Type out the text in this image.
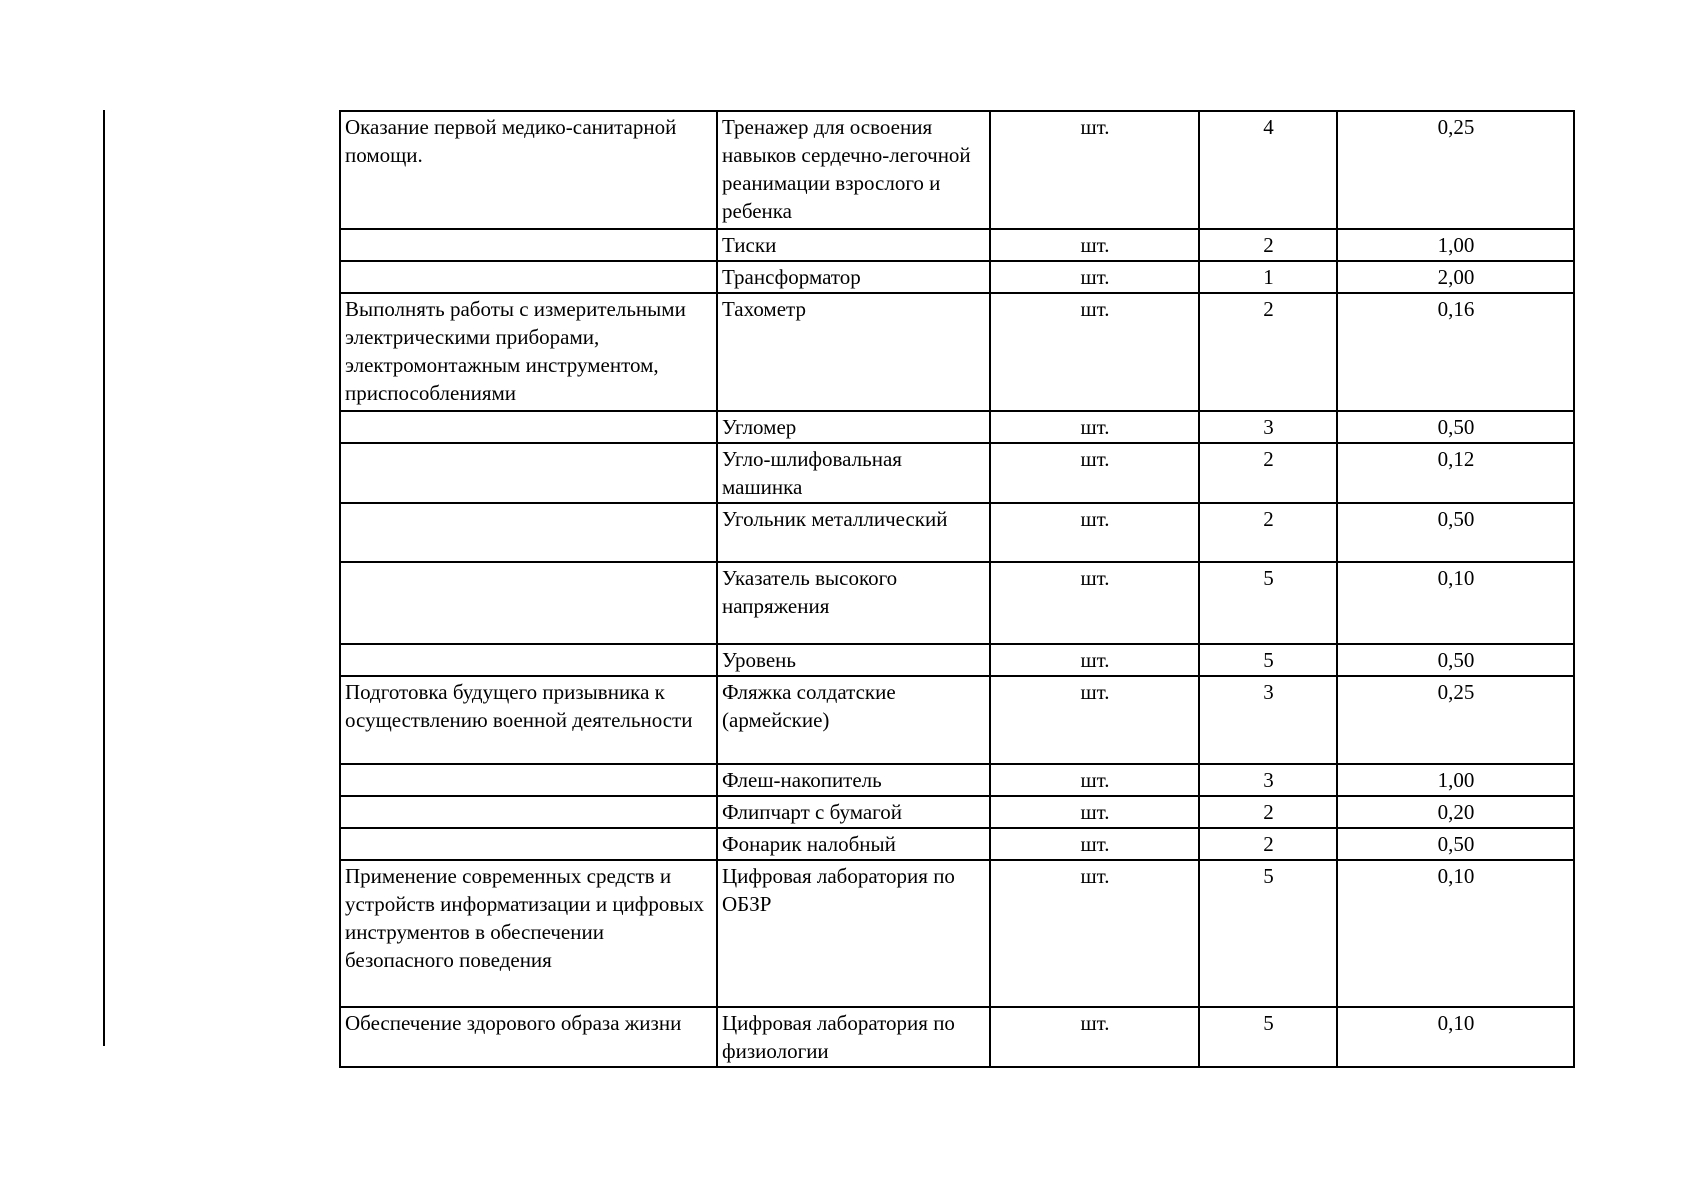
Оказание первой медико-санитарной помощи.	Тренажер для освоения навыков сердечно-легочной реанимации взрослого и ребенка	шт.	4	0,25
	Тиски	шт.	2	1,00
	Трансформатор	шт.	1	2,00
Выполнять работы с измерительными электрическими приборами, электромонтажным инструментом, приспособлениями	Тахометр	шт.	2	0,16
	Угломер	шт.	3	0,50
	Угло-шлифовальная машинка	шт.	2	0,12
	Угольник металлический	шт.	2	0,50
	Указатель высокого напряжения	шт.	5	0,10
	Уровень	шт.	5	0,50
Подготовка будущего призывника к осуществлению военной деятельности	Фляжка солдатские (армейские)	шт.	3	0,25
	Флеш-накопитель	шт.	3	1,00
	Флипчарт с бумагой	шт.	2	0,20
	Фонарик налобный	шт.	2	0,50
Применение современных средств и устройств информатизации и цифровых инструментов в обеспечении безопасного поведения	Цифровая лаборатория по ОБЗР	шт.	5	0,10
Обеспечение здорового образа жизни	Цифровая лаборатория по физиологии	шт.	5	0,10
